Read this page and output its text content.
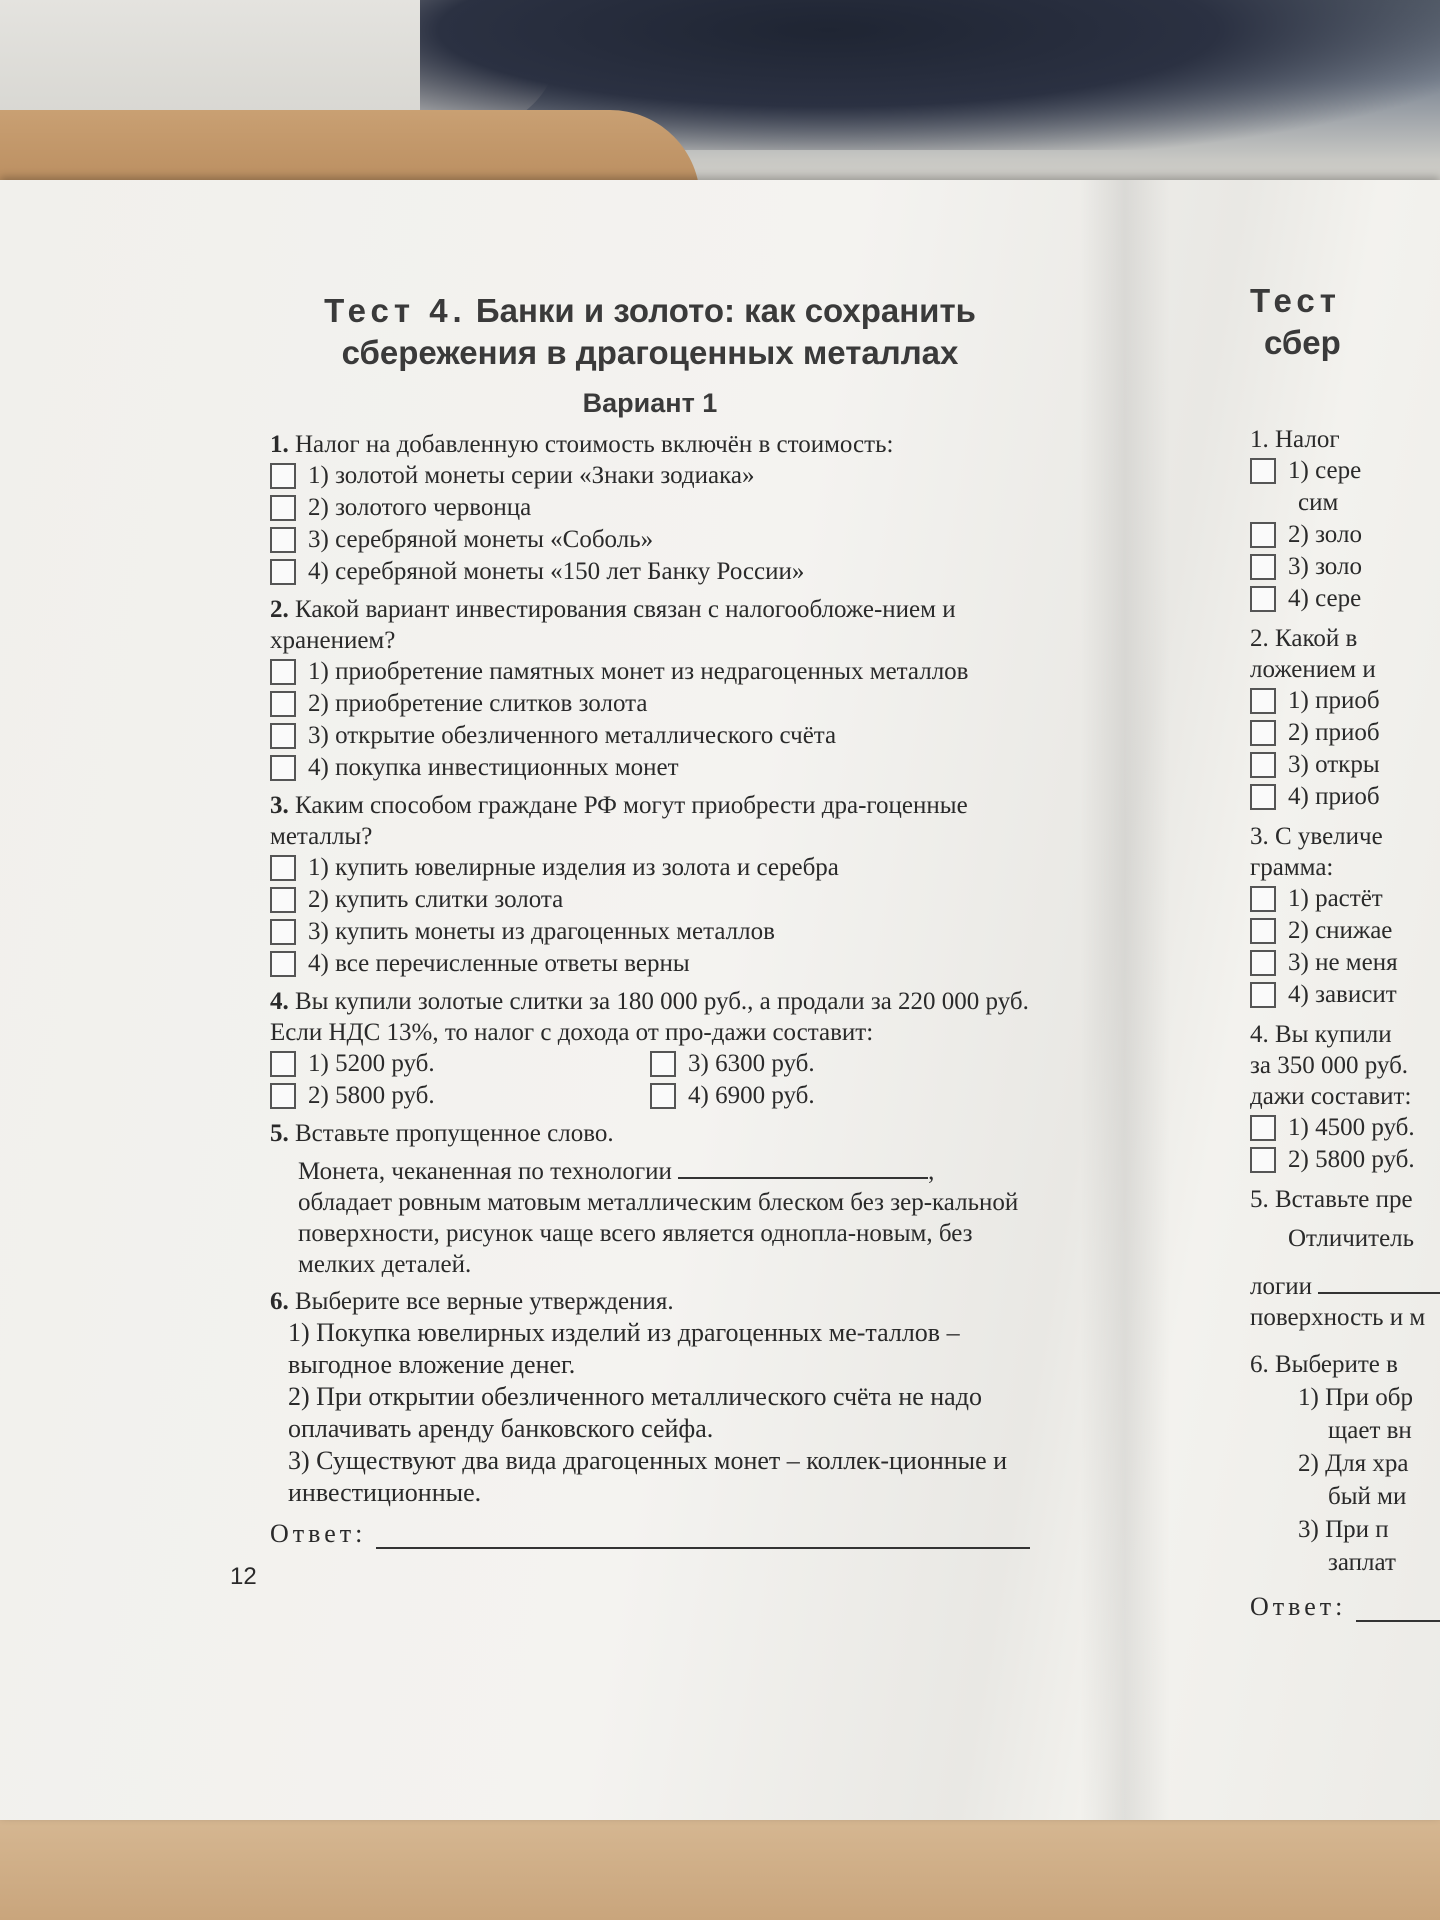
Тест 4. Банки и золото: как сохранить
сбережения в драгоценных металлах
Вариант 1
1. Налог на добавленную стоимость включён в стоимость:
1) золотой монеты серии «Знаки зодиака»
2) золотого червонца
3) серебряной монеты «Соболь»
4) серебряной монеты «150 лет Банку России»
2. Какой вариант инвестирования связан с налогообложе-нием и хранением?
1) приобретение памятных монет из недрагоценных металлов
2) приобретение слитков золота
3) открытие обезличенного металлического счёта
4) покупка инвестиционных монет
3. Каким способом граждане РФ могут приобрести дра-гоценные металлы?
1) купить ювелирные изделия из золота и серебра
2) купить слитки золота
3) купить монеты из драгоценных металлов
4) все перечисленные ответы верны
4. Вы купили золотые слитки за 180 000 руб., а продали за 220 000 руб. Если НДС 13%, то налог с дохода от про-дажи составит:
1) 5200 руб.
2) 5800 руб.
3) 6300 руб.
4) 6900 руб.
5. Вставьте пропущенное слово.
Монета, чеканенная по технологии	, обладает ровным матовым металлическим блеском без зер-кальной поверхности, рисунок чаще всего является однопла-новым, без мелких деталей.
6. Выберите все верные утверждения.
1) Покупка ювелирных изделий из драгоценных ме-таллов – выгодное вложение денег.
2) При открытии обезличенного металлического счёта не надо оплачивать аренду банковского сейфа.
3) Существуют два вида драгоценных монет – коллек-ционные и инвестиционные.
Ответ:
12
Тест
сбер
1. Налог
1) сере
сим
2) золо
3) золо
4) сере
2. Какой в
ложением и
1) приоб
2) приоб
3) откры
4) приоб
3. С увеличе
грамма:
1) растёт
2) снижае
3) не меня
4) зависит
4. Вы купили
за 350 000 руб.
дажи составит:
1) 4500 руб.
2) 5800 руб.
5. Вставьте пре
Отличитель
логии
поверхность и м
6. Выберите в
1) При обр
щает вн
2) Для хра
бый ми
3) При п
заплат
Ответ:
